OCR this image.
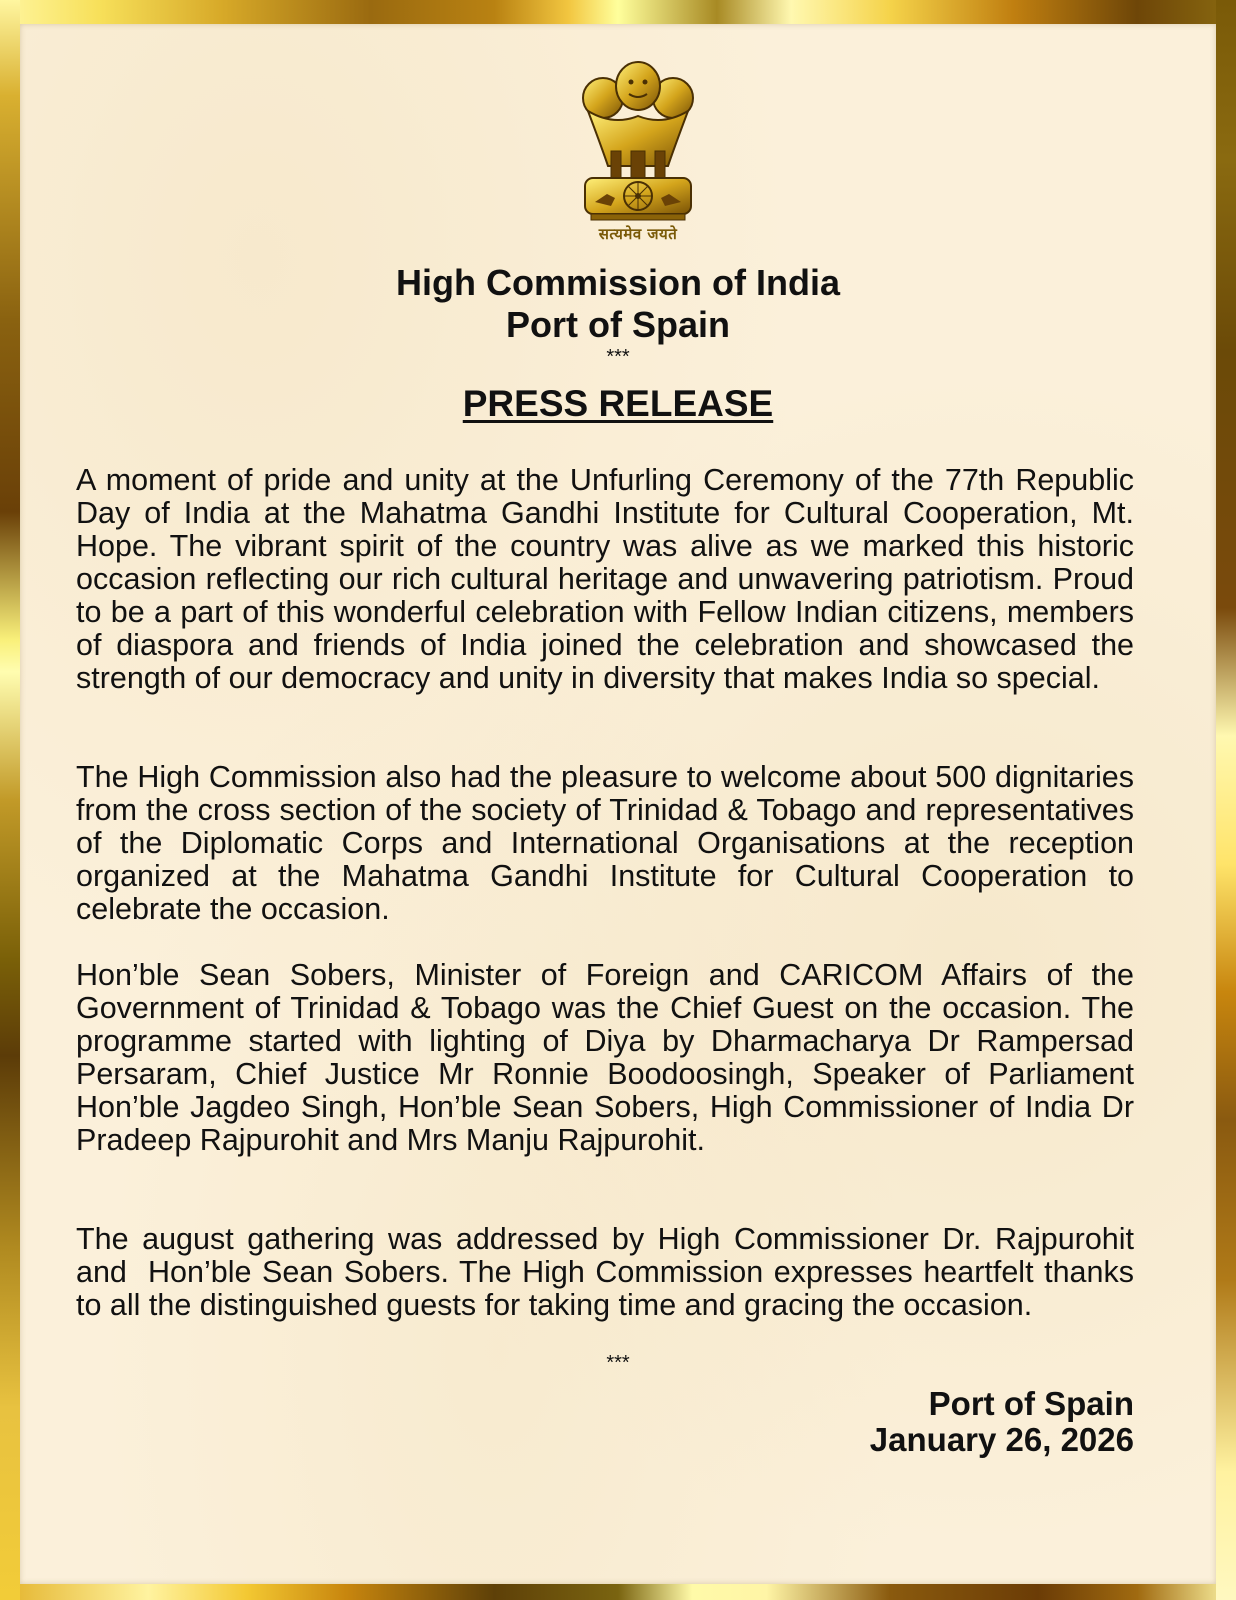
सत्यमेव जयते
High Commission of India
Port of Spain
***
PRESS RELEASE

A moment of pride and unity at the Unfurling Ceremony of the 77th Republic Day of India at the Mahatma Gandhi Institute for Cultural Cooperation, Mt. Hope. The vibrant spirit of the country was alive as we marked this historic occasion reflecting our rich cultural heritage and unwavering patriotism. Proud to be a part of this wonderful celebration with Fellow Indian citizens, members of diaspora and friends of India joined the celebration and showcased the strength of our democracy and unity in diversity that makes India so special.

The High Commission also had the pleasure to welcome about 500 dignitaries from the cross section of the society of Trinidad & Tobago and representatives of the Diplomatic Corps and International Organisations at the reception organized at the Mahatma Gandhi Institute for Cultural Cooperation to celebrate the occasion.

Hon’ble Sean Sobers, Minister of Foreign and CARICOM Affairs of the Government of Trinidad & Tobago was the Chief Guest on the occasion. The programme started with lighting of Diya by Dharmacharya Dr Rampersad Persaram, Chief Justice Mr Ronnie Boodoosingh, Speaker of Parliament Hon’ble Jagdeo Singh, Hon’ble Sean Sobers, High Commissioner of India Dr Pradeep Rajpurohit and Mrs Manju Rajpurohit.

The august gathering was addressed by High Commissioner Dr. Rajpurohit and  Hon’ble Sean Sobers. The High Commission expresses heartfelt thanks to all the distinguished guests for taking time and gracing the occasion.

***
Port of Spain
January 26, 2026
